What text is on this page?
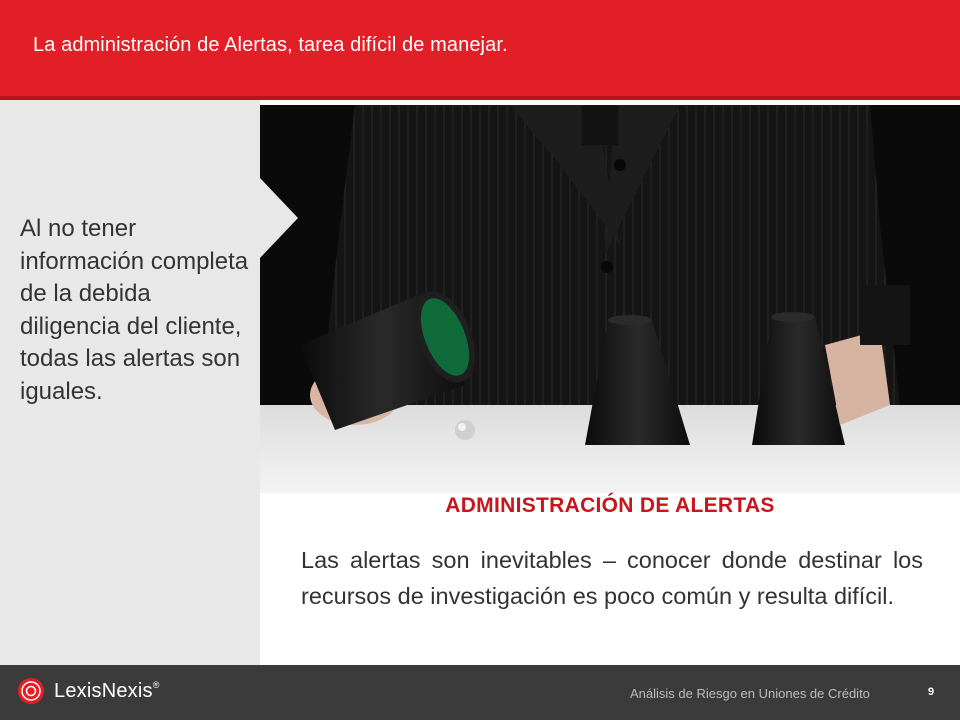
La administración de Alertas, tarea difícil de manejar.
Al no tener información completa de la debida diligencia del cliente, todas las alertas son iguales.
ADMINISTRACIÓN DE ALERTAS
Las alertas son inevitables – conocer donde destinar los recursos de investigación es poco común y resulta difícil.
LexisNexis®
Análisis de Riesgo en Uniones de Crédito	9
